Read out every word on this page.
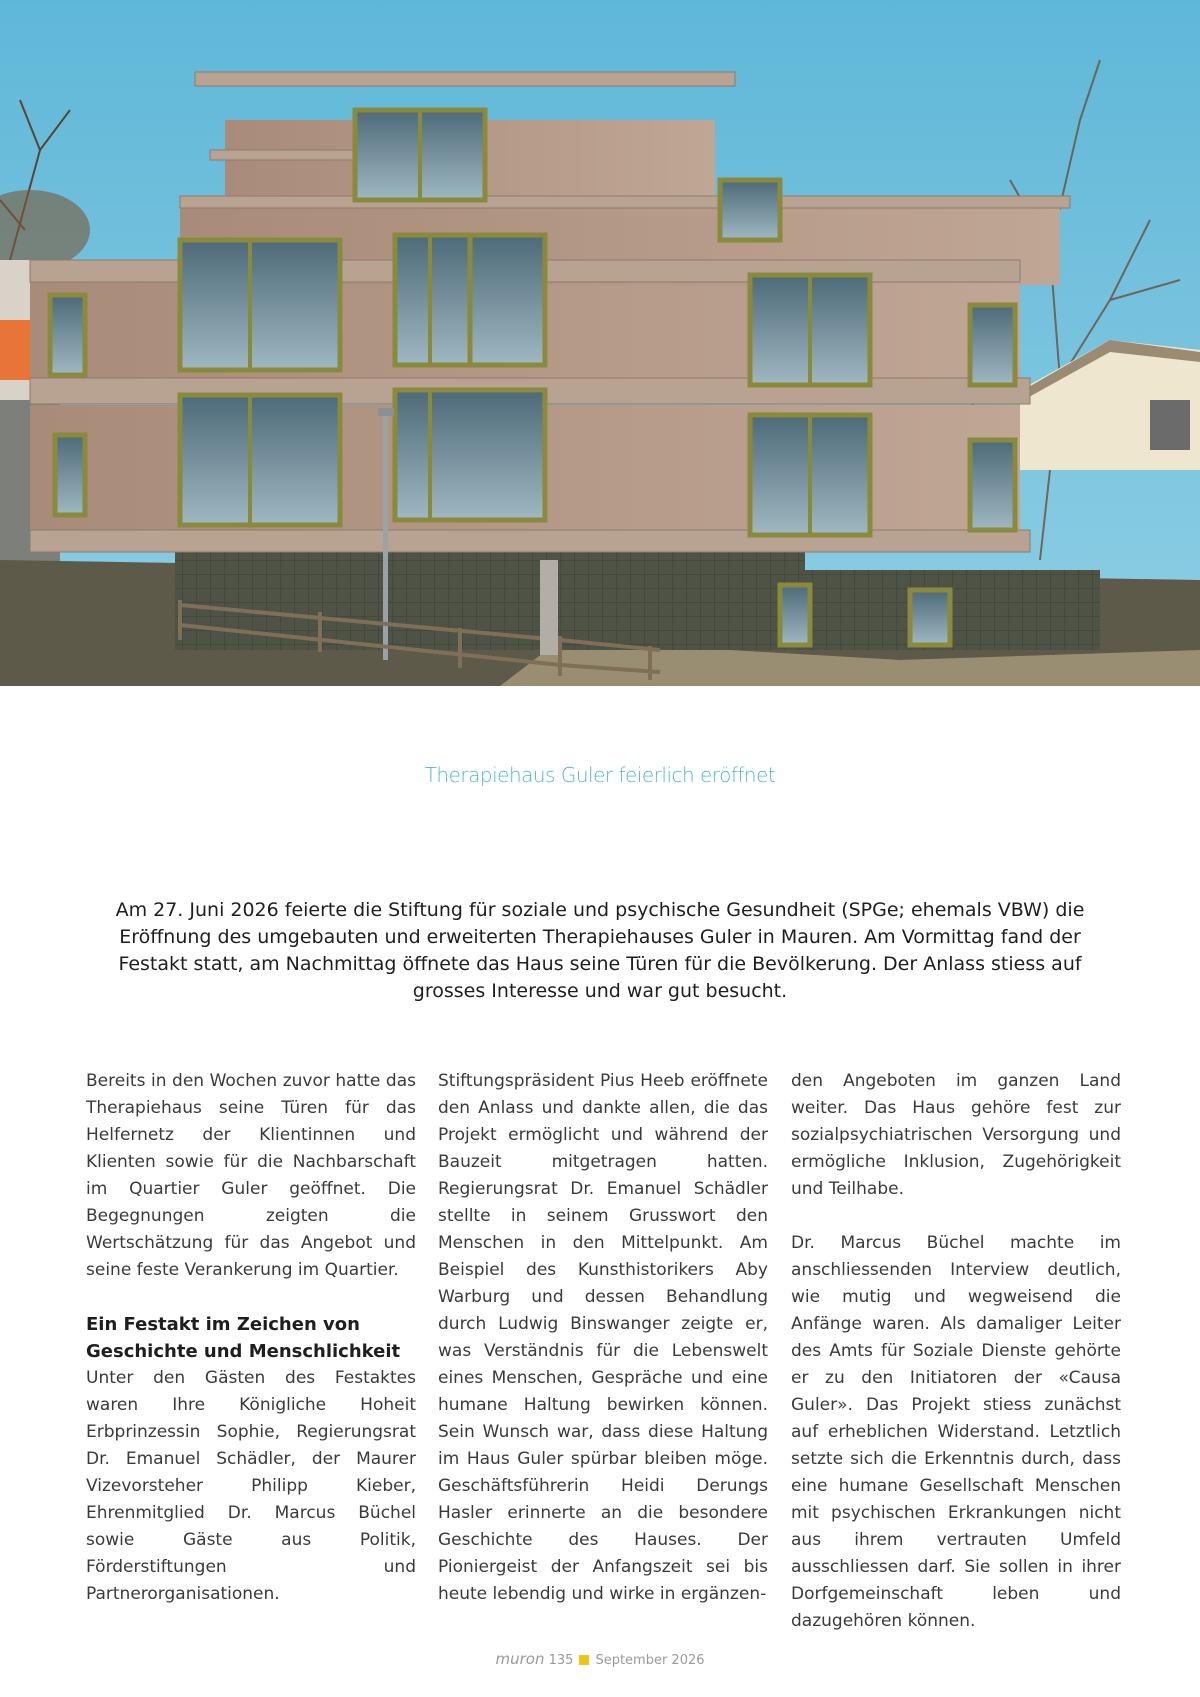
Therapiehaus Guler feierlich eröffnet

Am 27. Juni 2026 feierte die Stiftung für soziale und psychische Gesundheit (SPGe; ehemals VBW) die Eröffnung des umgebauten und erweiterten Therapiehauses Guler in Mauren. Am Vormittag fand der Festakt statt, am Nachmittag öffnete das Haus seine Türen für die Bevölkerung. Der Anlass stiess auf grosses Interesse und war gut besucht.

Bereits in den Wochen zuvor hatte das Therapiehaus seine Türen für das Helfernetz der Klientinnen und Klienten sowie für die Nachbarschaft im Quartier Guler geöffnet. Die Begegnungen zeigten die Wertschätzung für das Angebot und seine feste Verankerung im Quartier.

Ein Festakt im Zeichen von Geschichte und Menschlichkeit

Unter den Gästen des Festaktes waren Ihre Königliche Hoheit Erbprinzessin Sophie, Regierungsrat Dr. Emanuel Schädler, der Maurer Vizevorsteher Philipp Kieber, Ehrenmitglied Dr. Marcus Büchel sowie Gäste aus Politik, Förderstiftungen und Partnerorganisationen.

Stiftungspräsident Pius Heeb eröffnete den Anlass und dankte allen, die das Projekt ermöglicht und während der Bauzeit mitgetragen hatten. Regierungsrat Dr. Emanuel Schädler stellte in seinem Grusswort den Menschen in den Mittelpunkt. Am Beispiel des Kunsthistorikers Aby Warburg und dessen Behandlung durch Ludwig Binswanger zeigte er, was Verständnis für die Lebenswelt eines Menschen, Gespräche und eine humane Haltung bewirken können. Sein Wunsch war, dass diese Haltung im Haus Guler spürbar bleiben möge. Geschäftsführerin Heidi Derungs Hasler erinnerte an die besondere Geschichte des Hauses. Der Pioniergeist der Anfangszeit sei bis heute lebendig und wirke in ergänzen-

den Angeboten im ganzen Land weiter. Das Haus gehöre fest zur sozialpsychiatrischen Versorgung und ermögliche Inklusion, Zugehörigkeit und Teilhabe.

Dr. Marcus Büchel machte im anschliessenden Interview deutlich, wie mutig und wegweisend die Anfänge waren. Als damaliger Leiter des Amts für Soziale Dienste gehörte er zu den Initiatoren der «Causa Guler». Das Projekt stiess zunächst auf erheblichen Widerstand. Letztlich setzte sich die Erkenntnis durch, dass eine humane Gesellschaft Menschen mit psychischen Erkrankungen nicht aus ihrem vertrauten Umfeld ausschliessen darf. Sie sollen in ihrer Dorfgemeinschaft leben und dazugehören können.

muron 135 September 2026
